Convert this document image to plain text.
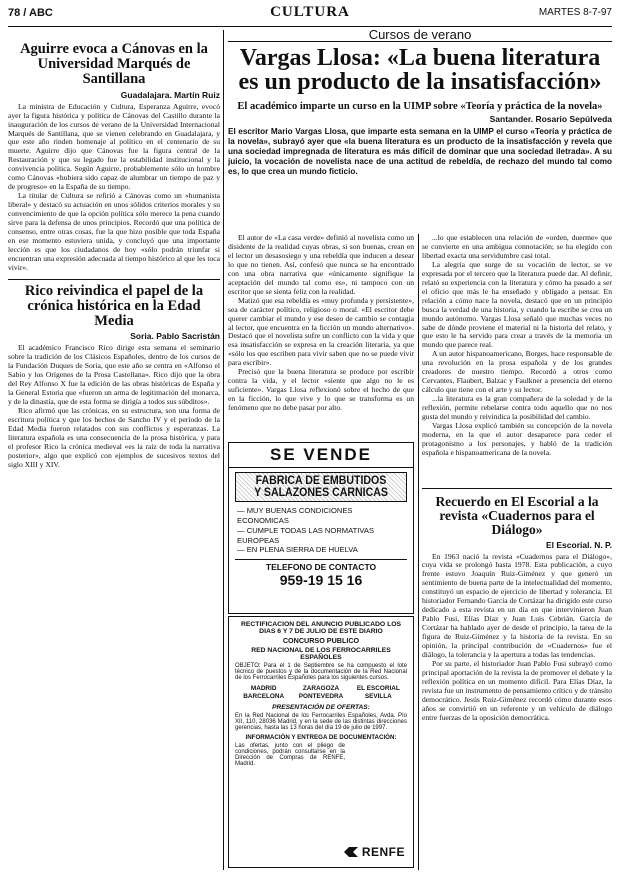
78 / ABC	CULTURA	MARTES 8-7-97
Cursos de verano
Aguirre evoca a Cánovas en la Universidad Marqués de Santillana
Guadalajara. Martín Ruiz

La ministra de Educación y Cultura, Esperanza Aguirre, evocó ayer la figura histórica y política de Cánovas del Castillo durante la inauguración de los cursos de verano de la Universidad Internacional Marqués de Santillana, que se vienen celebrando en Guadalajara, y que este año rinden homenaje al político en el centenario de su muerte. Aguirre dijo que Cánovas fue la figura central de la Restauración y que su legado fue la estabilidad institucional y la convivencia política. Según Aguirre, probablemente sólo un hombre como Cánovas «hubiera sido capaz de alumbrar un tiempo de paz y de progreso» en la España de su tiempo.

La titular de Cultura se refirió a Cánovas como un «humanista liberal» y destacó su actuación en unos sólidos criterios morales y su convencimiento de que la opción política sólo merece la pena cuando sirve para la defensa de unos principios. Recordó que una política de consenso, entre otras cosas, fue la que hizo posible que toda España en ese momento estuviera unida, y concluyó que una importante lección es que los ciudadanos de hoy «sólo podrán triunfar si encuentran una expresión adecuada al tiempo histórico al que les toca vivir».

Rico reivindica el papel de la crónica histórica en la Edad Media
Soria. Pablo Sacristán

El académico Francisco Rico dirige esta semana el seminario sobre la tradición de los Clásicos Españoles, dentro de los cursos de la Fundación Duques de Soria, que este año se centra en «Alfonso el Sabio y los Orígenes de la Prosa Castellana». Rico dijo que la obra del Rey Alfonso X fue la edición de las obras históricas de España y la General Estoria que «fueron un arma de legitimación del monarca, y de la dinastía, que de esta forma se dirigía a todos sus súbditos».

Rico afirmó que las crónicas, en su estructura, son una forma de escritura política y que los hechos de Sancho IV y el período de la Edad Media fueron relatados con sus conflictos y esperanzas. La literatura española es una consecuencia de la prosa histórica, y para el profesor Rico la crónica medieval «es la raíz de toda la narrativa posterior», algo que explicó con ejemplos de sucesivos textos del siglo XIII y XIV.

Vargas Llosa: «La buena literatura es un producto de la insatisfacción»
El académico imparte un curso en la UIMP sobre «Teoría y práctica de la novela»
Santander. Rosario Sepúlveda
El escritor Mario Vargas Llosa, que imparte esta semana en la UIMP el curso «Teoría y práctica de la novela», subrayó ayer que «la buena literatura es un producto de la insatisfacción y revela que una sociedad impregnada de literatura es más difícil de dominar que una sociedad iletrada». A su juicio, la vocación de novelista nace de una actitud de rebeldía, de rechazo del mundo tal como es, lo que crea un mundo ficticio.

El autor de «La casa verde» definió al novelista como un disidente de la realidad cuyas obras, si son buenas, crean en el lector un desasosiego y una rebeldía que inducen a desear lo que no tienen. Así, confesó que nunca se ha encontrado con una obra narrativa que «únicamente signifique la aceptación del mundo tal como es», ni tampoco con un escritor que se sienta feliz con la realidad.

Matizó que esa rebeldía es «muy profunda y persistente», sea de carácter político, religioso o moral. «El escritor debe querer cambiar el mundo y ese deseo de cambio se contagia al lector, que encuentra en la ficción un mundo alternativo». Destacó que el novelista sufre un conflicto con la vida y que esa insatisfacción se expresa en la creación literaria, ya que «sólo los que escriben para vivir saben que no se puede vivir para escribir».

Precisó que la buena literatura se produce por escribir contra la vida, y el lector «siente que algo no le es suficiente». Vargas Llosa reflexionó sobre el hecho de que en la ficción, lo que vive y lo que se transforma es un fenómeno que no debe pasar por alto.

...lo que establecen una relación de «orden, duerme» que se convierte en una ambigua connotación; se ha elegido con libertad exacta una servidumbre casi total.

La alegría que surge de su vocación de lector, se ve expresada por el tercero que la literatura puede dar. Al definir, relató su experiencia con la literatura y cómo ha pasado a ser el oficio que más le ha enseñado y obligado a pensar. En relación a cómo nace la novela, destacó que en un principio busca la verdad de una historia, y cuando la escribe se crea un mundo autónomo. Vargas Llosa señaló que muchas veces no sabe de dónde proviene el material ni la historia del relato, y que esto le ha servido para crear a través de la memoria un mundo que parece real.

A un autor hispanoamericano, Borges, hace responsable de una revolución en la prosa española y de los grandes creadores de nuestro tiempo. Recordó a otros como Cervantes, Flaubert, Balzac y Faulkner a presencia del eterno cálculo que tiene con el arte y su lector.

...la literatura es la gran compañera de la soledad y de la reflexión, permite rebelarse contra todo aquello que no nos gusta del mundo y reivindica la posibilidad del cambio.

Vargas Llosa explicó también su concepción de la novela moderna, en la que el autor desaparece para ceder el protagonismo a los personajes, y habló de la tradición española e hispanoamericana de la novela.

SE VENDE
FABRICA DE EMBUTIDOS
Y SALAZONES CARNICAS
— MUY BUENAS CONDICIONES ECONOMICAS
— CUMPLE TODAS LAS NORMATIVAS EUROPEAS
— EN PLENA SIERRA DE HUELVA
TELEFONO DE CONTACTO
959-19 15 16
RECTIFICACION DEL ANUNCIO PUBLICADO LOS DIAS 6 Y 7 DE JULIO DE ESTE DIARIO
CONCURSO PUBLICO
RED NACIONAL DE LOS FERROCARRILES ESPAÑOLES
OBJETO: Para el 1 de Septiembre se ha compuesto el lote técnico de puestos y de la documentación de la Red Nacional de los Ferrocarriles Españoles para los siguientes cursos.
MADRID	ZARAGOZA	EL ESCORIAL
BARCELONA	PONTEVEDRA	SEVILLA
PRESENTACIÓN DE OFERTAS:
En la Red Nacional de los Ferrocarriles Españoles, Avda. Pío XII, 110, 28036 Madrid, y en la sede de las distintas direcciones gerencias, hasta las 13 horas del día 19 de julio de 1997.
INFORMACIÓN Y ENTREGA DE DOCUMENTACIÓN:
Las ofertas, junto con el pliego de condiciones, podrán consultarse en la Dirección de Compras de RENFE, Madrid.
RENFE
Recuerdo en El Escorial a la revista «Cuadernos para el Diálogo»
El Escorial. N. P.

En 1963 nació la revista «Cuadernos para el Diálogo», cuya vida se prolongó hasta 1978. Esta publicación, a cuyo frente estuvo Joaquín Ruiz-Giménez y que generó un sentimiento de buena parte de la intelectualidad del momento, constituyó un espacio de ejercicio de libertad y tolerancia. El historiador Fernando García de Cortázar ha dirigido este curso dedicado a esta revista en un día en que intervinieron Juan Pablo Fusi, Elías Díaz y Juan Luis Cebrián. García de Cortázar ha hablado ayer de desde el principio, la tarea de la figura de Ruiz-Giménez y la historia de la revista. En su opinión, la principal contribución de «Cuadernos» fue el diálogo, la tolerancia y la apertura a todas las tendencias.

Por su parte, el historiador Juan Pablo Fusi subrayó como principal aportación de la revista la de promover el debate y la reflexión política en un momento difícil. Para Elías Díaz, la revista fue un instrumento de pensamiento crítico y de tránsito democrático. Jesús Ruiz-Giménez recordó cómo durante esos años se convirtió en un referente y un vehículo de diálogo entre fuerzas de la oposición democrática.
